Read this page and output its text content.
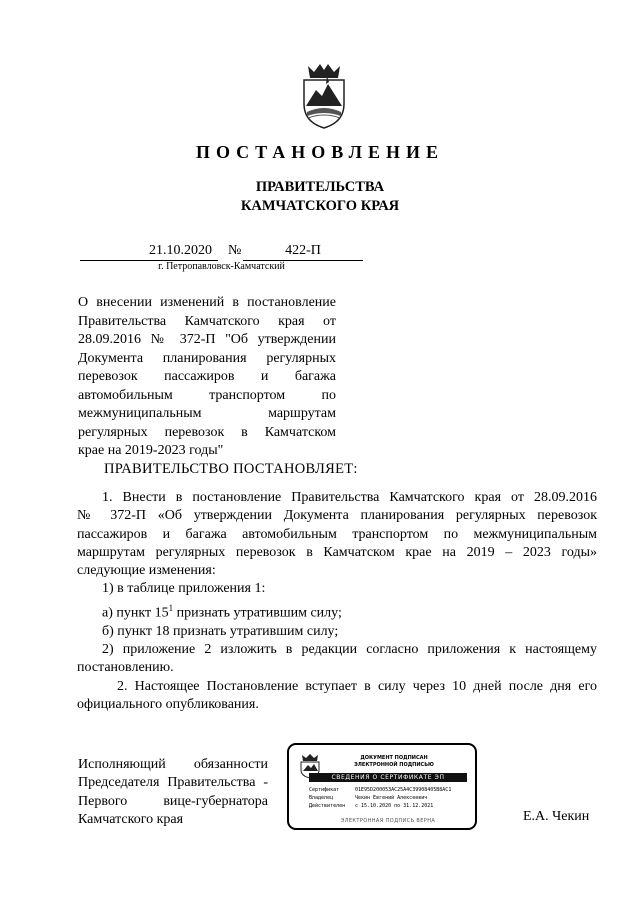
ПОСТАНОВЛЕНИЕ
ПРАВИТЕЛЬСТВА
КАМЧАТСКОГО КРАЯ
21.10.2020	№	422-П
г. Петропавловск-Камчатский
О внесении изменений в постановление
Правительства Камчатского края от
28.09.2016 № 372-П "Об утверждении
Документа планирования регулярных
перевозок пассажиров и багажа
автомобильным транспортом по
межмуниципальным маршрутам
регулярных перевозок в Камчатском
крае на 2019-2023 годы"
ПРАВИТЕЛЬСТВО ПОСТАНОВЛЯЕТ:
1. Внести в постановление Правительства Камчатского края от 28.09.2016
№ 372-П «Об утверждении Документа планирования регулярных перевозок
пассажиров и багажа автомобильным транспортом по межмуниципальным
маршрутам регулярных перевозок в Камчатском крае на 2019 – 2023 годы»
следующие изменения:
1) в таблице приложения 1:
а) пункт $15^1$ признать утратившим силу;
б) пункт 18 признать утратившим силу;
2) приложение 2 изложить в редакции согласно приложения к настоящему
постановлению.
2. Настоящее Постановление вступает в силу через 10 дней после дня его
официального опубликования.
Исполняющий обязанности
Председателя Правительства -
Первого вице-губернатора
Камчатского края
ДОКУМЕНТ ПОДПИСАН
ЭЛЕКТРОННОЙ ПОДПИСЬЮ
СВЕДЕНИЯ О СЕРТИФИКАТЕ ЭП
Сертификат	01E95D200053AC25A4C39908405B8AC1
Владелец	Чекин Евгений Алексеевич
Действителен с 15.10.2020 по 31.12.2021
ЭЛЕКТРОННАЯ ПОДПИСЬ ВЕРНА	Е.А. Чекин
